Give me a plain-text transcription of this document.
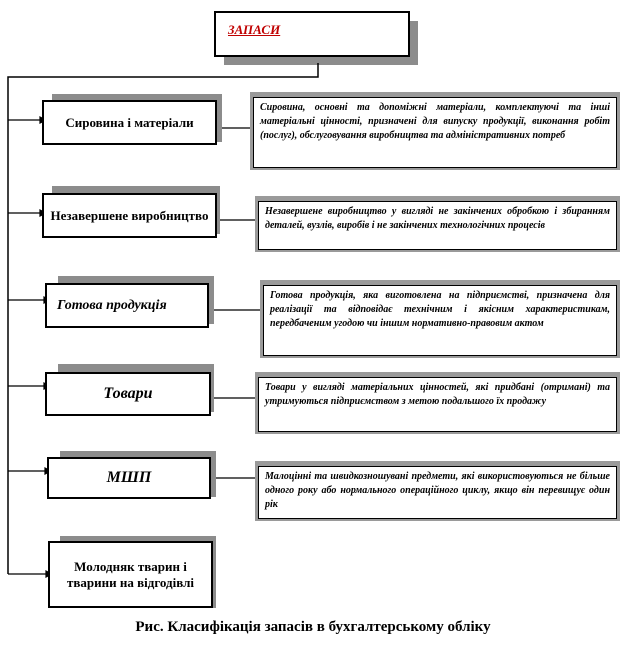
ЗАПАСИ
Сировина і матеріали
Сировина, основні та допоміжні матеріали, комплектуючі та інші матеріальні цінності, призначені для випуску продукції, виконання робіт (послуг), обслуговування виробництва та адміністративних потреб
Незавершене виробництво	Незавершене виробництво у вигляді не закінчених обробкою і збиранням деталей, вузлів, виробів і не закінчених технологічних процесів
Готова продукція
Готова продукція, яка виготовлена на підприємстві, призначена для реалізації та відповідає технічним і якісним характеристикам, передбаченим угодою чи іншим нормативно-правовим актом
Товари	Товари у вигляді матеріальних цінностей, які придбані (отримані) та утримуються підприємством з метою подальшого їх продажу
МШП	Малоцінні та швидкозношувані предмети, які використовуються не більше одного року або нормального операційного циклу, якщо він перевищує один рік
Молодняк тварин і тварини на відгодівлі
Рис. Класифікація запасів в бухгалтерському обліку
